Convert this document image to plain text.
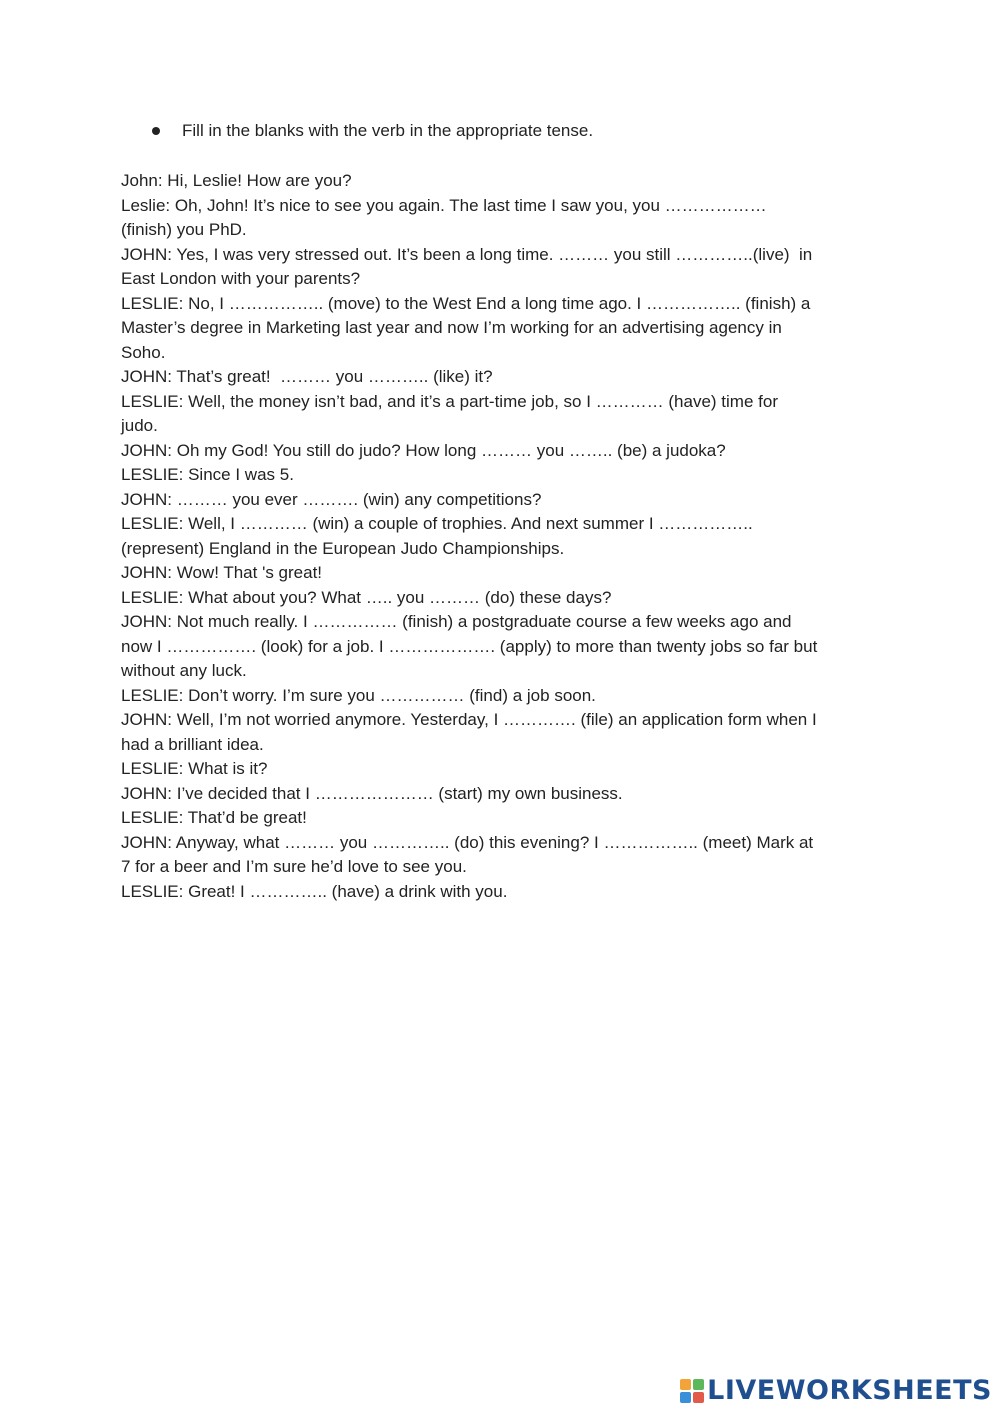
Fill in the blanks with the verb in the appropriate tense.

John: Hi, Leslie! How are you?

Leslie: Oh, John! It’s nice to see you again. The last time I saw you, you ………………

(finish) you PhD.

JOHN: Yes, I was very stressed out. It’s been a long time. ……… you still …………..(live)  in

East London with your parents?

LESLIE: No, I …………….. (move) to the West End a long time ago. I …………….. (finish) a

Master’s degree in Marketing last year and now I’m working for an advertising agency in

Soho.

JOHN: That’s great!  ……… you ……….. (like) it?

LESLIE: Well, the money isn’t bad, and it’s a part-time job, so I ………… (have) time for

judo.

JOHN: Oh my God! You still do judo? How long ……… you …….. (be) a judoka?

LESLIE: Since I was 5.

JOHN: ……… you ever ………. (win) any competitions?

LESLIE: Well, I ………… (win) a couple of trophies. And next summer I ……………..

(represent) England in the European Judo Championships.

JOHN: Wow! That 's great!

LESLIE: What about you? What ….. you ……… (do) these days?

JOHN: Not much really. I …………… (finish) a postgraduate course a few weeks ago and

now I ……………. (look) for a job. I ………………. (apply) to more than twenty jobs so far but

without any luck.

LESLIE: Don’t worry. I’m sure you …………… (find) a job soon.

JOHN: Well, I’m not worried anymore. Yesterday, I …………. (file) an application form when I

had a brilliant idea.

LESLIE: What is it?

JOHN: I’ve decided that I ………………… (start) my own business.

LESLIE: That’d be great!

JOHN: Anyway, what ……… you ………….. (do) this evening? I …………….. (meet) Mark at

7 for a beer and I’m sure he’d love to see you.

LESLIE: Great! I ………….. (have) a drink with you.

LIVEWORKSHEETS
